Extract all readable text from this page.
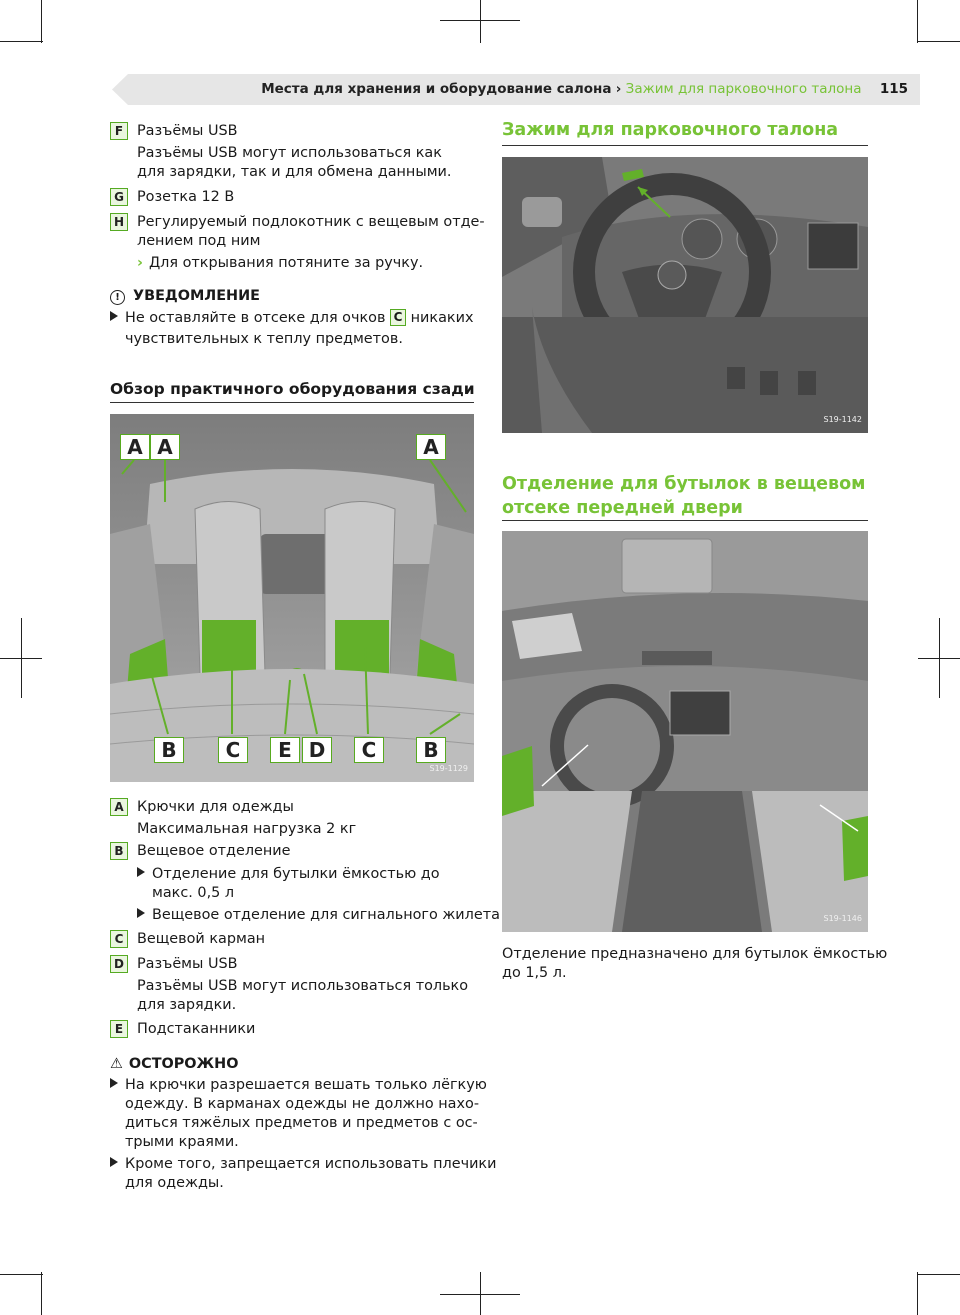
Места для хранения и оборудование салона › Зажим для парковочного талона 115
F Разъёмы USB
Разъёмы USB могут использоваться как
для зарядки, так и для обмена данными.
G Розетка 12 В
H Регулируемый подлокотник с вещевым отде-
лением под ним
› Для открывания потяните за ручку.
! УВЕДОМЛЕНИЕ
Не оставляйте в отсеке для очков C никаких
чувствительных к теплу предметов.
Обзор практичного оборудования сзади
A A	A
B	C	E D	C	B
S19-1129
A Крючки для одежды
Максимальная нагрузка 2 кг
B Вещевое отделение
Отделение для бутылки ёмкостью до
макс. 0,5 л
Вещевое отделение для сигнального жилета
C Вещевой карман
D Разъёмы USB
Разъёмы USB могут использоваться только
для зарядки.
E Подстаканники
⚠ ОСТОРОЖНО
На крючки разрешается вешать только лёгкую
одежду. В карманах одежды не должно нахо-
диться тяжёлых предметов и предметов с ос-
трыми краями.
Кроме того, запрещается использовать плечики
для одежды.
Зажим для парковочного талона
S19-1142
Отделение для бутылок в вещевом
отсеке передней двери
S19-1146
Отделение предназначено для бутылок ёмкостью
до 1,5 л.
